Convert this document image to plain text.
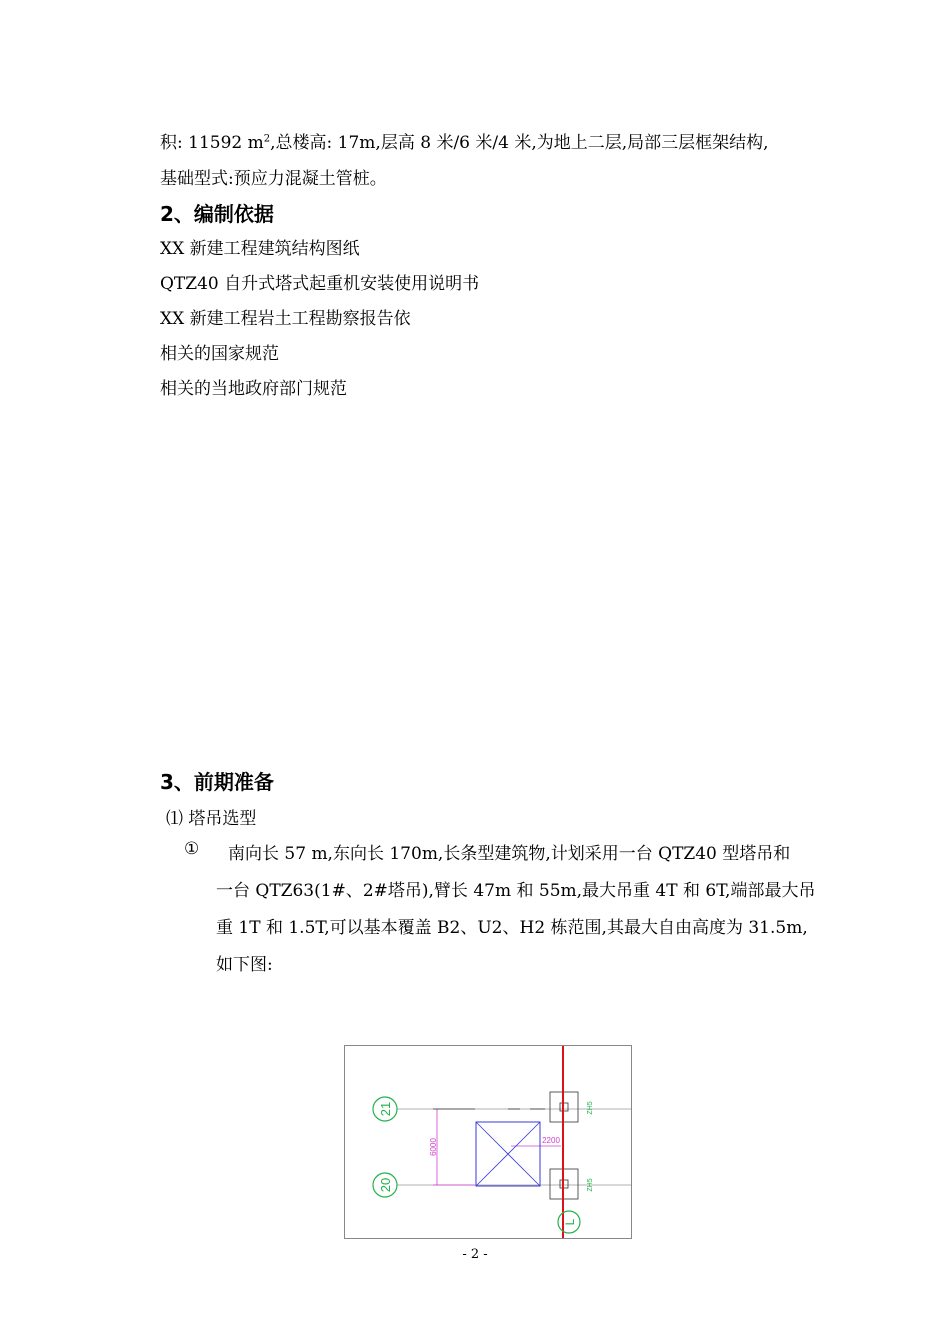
积: 11592 $m^2$,总楼高: 17m,层高 8 米/6 米/4 米,为地上二层,局部三层框架结构,
基础型式:预应力混凝土管桩。
2、编制依据
XX 新建工程建筑结构图纸
QTZ40 自升式塔式起重机安装使用说明书
XX 新建工程岩土工程勘察报告依
相关的国家规范
相关的当地政府部门规范
3、前期准备
⑴ 塔吊选型
① 南向长 57 m,东向长 170m,长条型建筑物,计划采用一台 QTZ40 型塔吊和
一台 QTZ63(1#、2#塔吊),臂长 47m 和 55m,最大吊重 4T 和 6T,端部最大吊
重 1T 和 1.5T,可以基本覆盖 B2、U2、H2 栋范围,其最大自由高度为 31.5m,
如下图:
21
20
6000	2200
ZH5
ZH5
L
- 2 -
